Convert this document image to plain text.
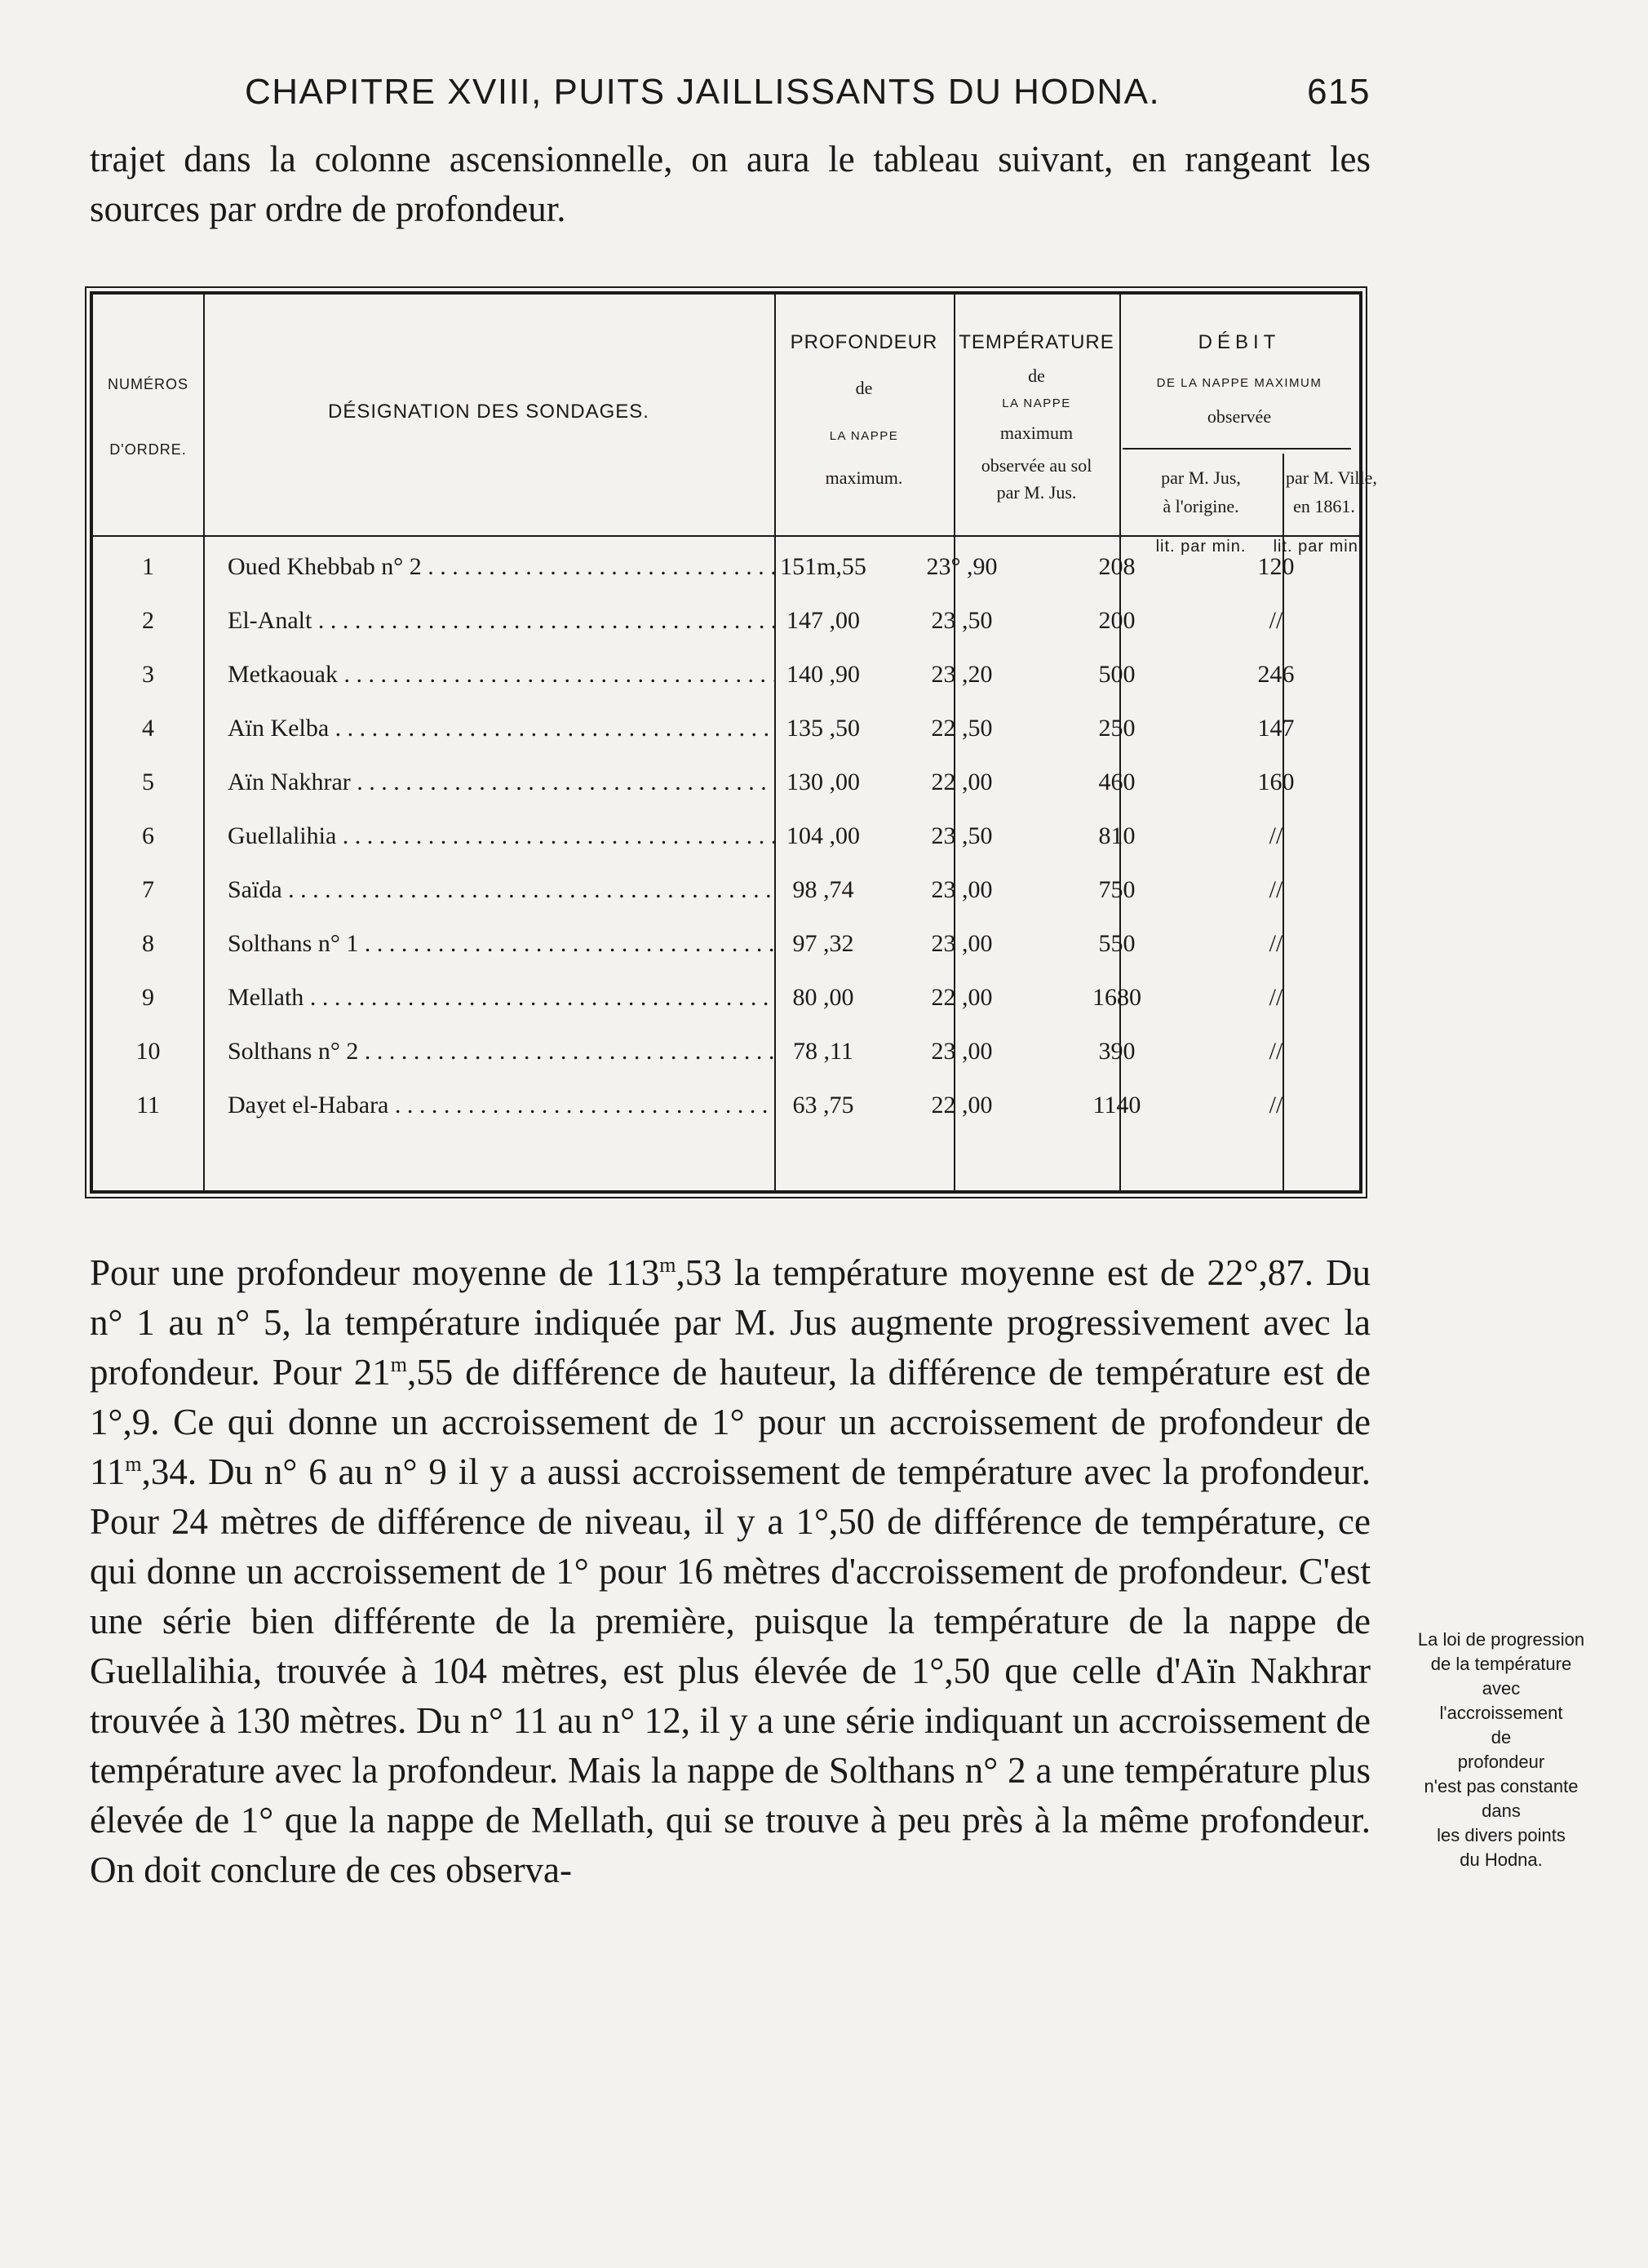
CHAPITRE XVIII, PUITS JAILLISSANTS DU HODNA.	615

trajet dans la colonne ascensionnelle, on aura le tableau suivant, en rangeant les sources par ordre de profondeur.

NUMÉROS
D'ORDRE.
DÉSIGNATION DES SONDAGES.
PROFONDEUR
de
LA NAPPE
maximum.
TEMPÉRATURE
de
LA NAPPE
maximum
observée au sol
par M. Jus.
DÉBIT
DE LA NAPPE MAXIMUM
observée
par M. Jus,
à l'origine.
par M. Ville,
en 1861.
lit. par min.	lit. par min.
1	Oued Khebbab n° 2 . . .	151m,55	23° ,90	208	120
2	El-Analt . . .	147 ,00	23 ,50	200	//
3	Metkaouak . . .	140 ,90	23 ,20	500	246
4	Aïn Kelba . . .	135 ,50	22 ,50	250	147
5	Aïn Nakhrar . . .	130 ,00	22 ,00	460	160
6	Guellalihia . . .	104 ,00	23 ,50	810	//
7	Saïda . . .	98 ,74	23 ,00	750	//
8	Solthans n° 1 . . .	97 ,32	23 ,00	550	//
9	Mellath . . .	80 ,00	22 ,00	1680	//
10	Solthans n° 2 . . .	78 ,11	23 ,00	390	//
11	Dayet el-Habara . . .	63 ,75	22 ,00	1140	//

Pour une profondeur moyenne de 113$^m$,53 la température moyenne est de 22°,87. Du n° 1 au n° 5, la température indiquée par M. Jus augmente progressivement avec la profondeur. Pour 21$^m$,55 de différence de hauteur, la différence de température est de 1°,9. Ce qui donne un accroissement de 1° pour un accroissement de profondeur de 11$^m$,34. Du n° 6 au n° 9 il y a aussi accroissement de température avec la profondeur. Pour 24 mètres de différence de niveau, il y a 1°,50 de différence de température, ce qui donne un accroissement de 1° pour 16 mètres d'accroissement de profondeur. C'est une série bien différente de la première, puisque la température de la nappe de Guellalihia, trouvée à 104 mètres, est plus élevée de 1°,50 que celle d'Aïn Nakhrar trouvée à 130 mètres. Du n° 11 au n° 12, il y a une série indiquant un accroissement de température avec la profondeur. Mais la nappe de Solthans n° 2 a une température plus élevée de 1° que la nappe de Mellath, qui se trouve à peu près à la même profondeur. On doit conclure de ces observa-

La loi de progression
de la température
avec
l'accroissement
de
profondeur
n'est pas constante
dans
les divers points
du Hodna.
